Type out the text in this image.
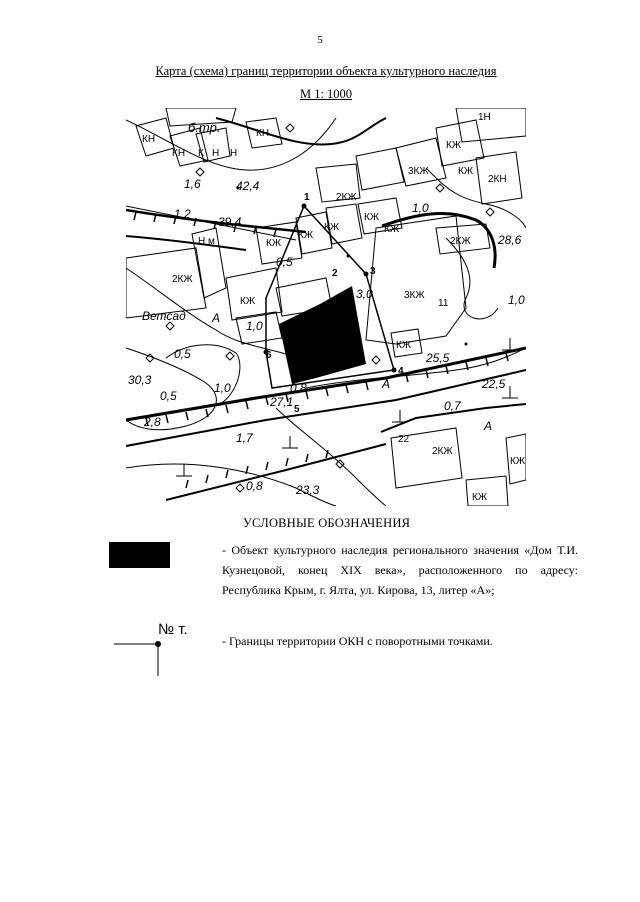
5
Карта (схема) границ территории объекта культурного наследия
М 1: 1000
б.тр.
Ветсад
1,6	42,4
1,2
39,4
0,5
3,0
1,0
0,5
30,3
0,5
1,0	0,8
27,1
2,8
1,7
0,8	23,3
25,5
22,5
0,7
28,6
1,0
1,0
КН
КН
КН
К Н Н
1Н
3КЖ
2КЖ
2КН
КЖ
КЖ
КЖ
КЖ
2КЖ
3КЖ
2КЖ
КЖ
КЖ
КЖ
КЖ
КЖ
2КЖ
КЖ
КЖ
11
22
Н м
1
2	3
4
5
6
А
А
А
УСЛОВНЫЕ ОБОЗНАЧЕНИЯ
- Объект культурного наследия регионального значения «Дом Т.И. Кузнецовой, конец XIX века», расположенного по адресу: Республика Крым, г. Ялта, ул. Кирова, 13, литер «А»;
№ т.
- Границы территории ОКН с поворотными точками.
